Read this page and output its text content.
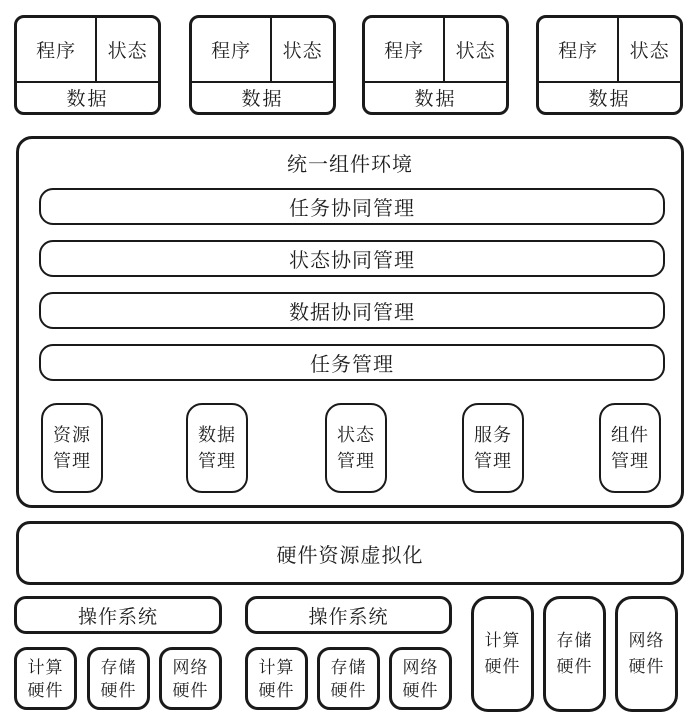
程序	状态
数据
程序	状态
数据
程序	状态
数据
程序	状态
数据
统一组件环境
任务协同管理
状态协同管理
数据协同管理
任务管理
资源
管理
数据
管理
状态
管理
服务
管理
组件
管理
硬件资源虚拟化
操作系统
计算
硬件
存储
硬件
网络
硬件
操作系统
计算
硬件
存储
硬件
网络
硬件
计算
硬件
存储
硬件
网络
硬件
